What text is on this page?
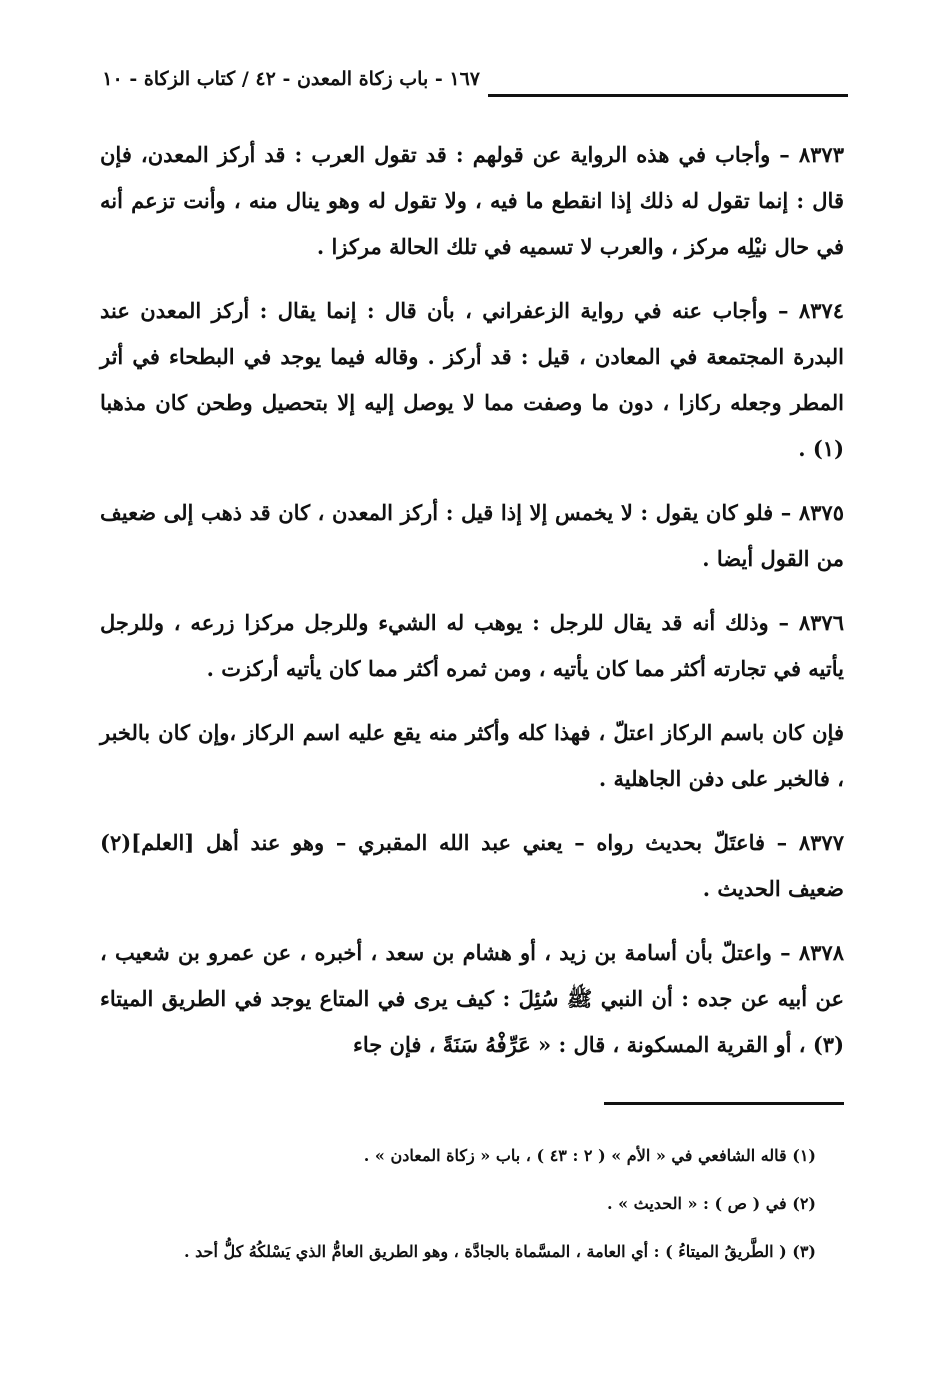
١٦٧ - باب زكاة المعدن - ٤٢ / كتاب الزكاة - ١٠

٨٣٧٣ – وأجاب في هذه الرواية عن قولهم : قد تقول العرب : قد أركز المعدن، فإن قال : إنما تقول له ذلك إذا انقطع ما فيه ، ولا تقول له وهو ينال منه ، وأنت تزعم أنه في حال نيْلِه مركز ، والعرب لا تسميه في تلك الحالة مركزا .

٨٣٧٤ – وأجاب عنه في رواية الزعفراني ، بأن قال : إنما يقال : أركز المعدن عند البدرة المجتمعة في المعادن ، قيل : قد أركز . وقاله فيما يوجد في البطحاء في أثر المطر وجعله ركازا ، دون ما وصفت مما لا يوصل إليه إلا بتحصيل وطحن كان مذهبا (١) .

٨٣٧٥ – فلو كان يقول : لا يخمس إلا إذا قيل : أركز المعدن ، كان قد ذهب إلى ضعيف من القول أيضا .

٨٣٧٦ – وذلك أنه قد يقال للرجل : يوهب له الشيء وللرجل مركزا زرعه ، وللرجل يأتيه في تجارته أكثر مما كان يأتيه ، ومن ثمره أكثر مما كان يأتيه أركزت .

فإن كان باسم الركاز اعتلّ ، فهذا كله وأكثر منه يقع عليه اسم الركاز ،وإن كان بالخبر ، فالخبر على دفن الجاهلية .

٨٣٧٧ – فاعتَلّ بحديث رواه – يعني عبد الله المقبري – وهو عند أهل [العلم](٢) ضعيف الحديث .

٨٣٧٨ – واعتلّ بأن أسامة بن زيد ، أو هشام بن سعد ، أخبره ، عن عمرو بن شعيب ، عن أبيه عن جده : أن النبي ﷺ سُئِلَ : كيف يرى في المتاع يوجد في الطريق الميتاء (٣) ، أو القرية المسكونة ، قال : « عَرِّفْهُ سَنَةً ، فإن جاء

(١) قاله الشافعي في « الأم » ( ٢ : ٤٣ ) ، باب « زكاة المعادن » .

(٢) في ( ص ) : « الحديث » .

(٣) ( الطَّريقُ الميتاءُ ) : أي العامة ، المسَّماة بالجادَّة ، وهو الطريق العامُّ الذي يَسْلكُهُ كلُّ أحد .
